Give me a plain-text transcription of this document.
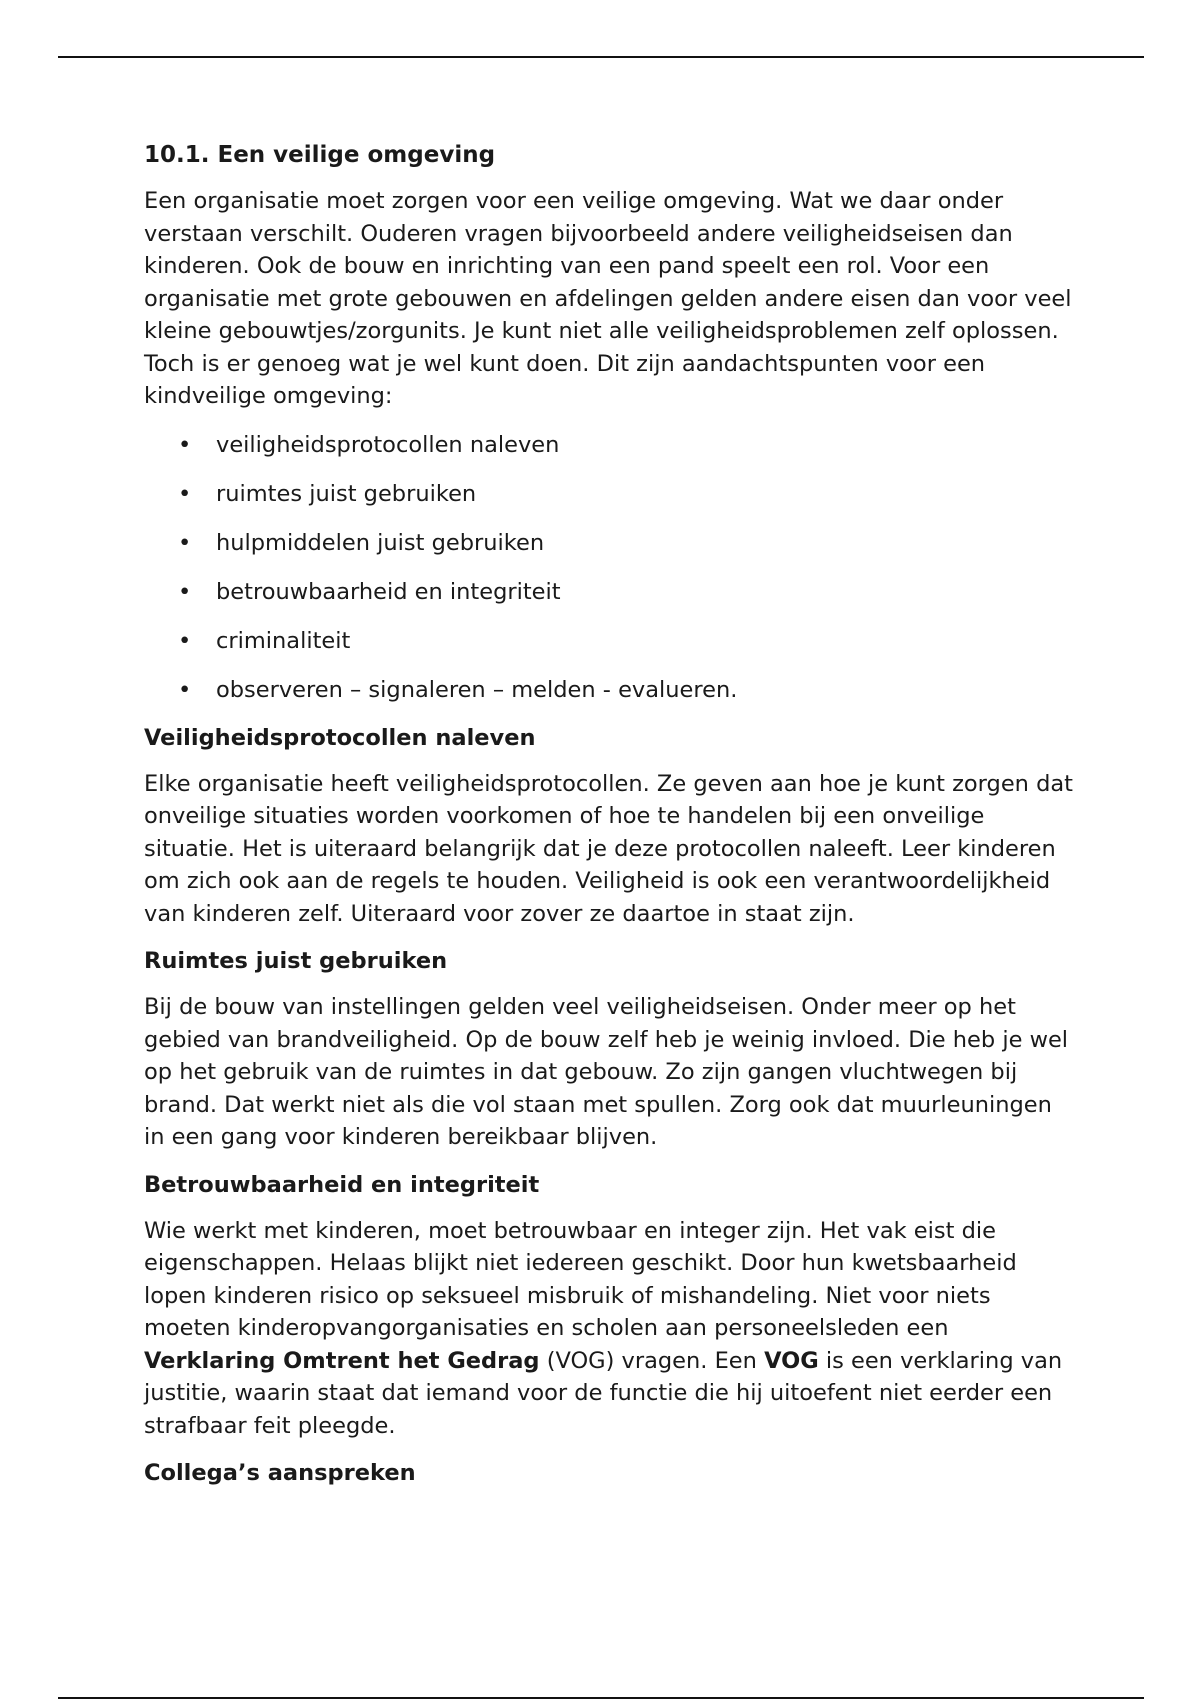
10.1. Een veilige omgeving

Een organisatie moet zorgen voor een veilige omgeving. Wat we daar onder verstaan verschilt. Ouderen vragen bijvoorbeeld andere veiligheidseisen dan kinderen. Ook de bouw en inrichting van een pand speelt een rol. Voor een organisatie met grote gebouwen en afdelingen gelden andere eisen dan voor veel kleine gebouwtjes/zorgunits. Je kunt niet alle veiligheidsproblemen zelf oplossen. Toch is er genoeg wat je wel kunt doen. Dit zijn aandachtspunten voor een kindveilige omgeving:

• veiligheidsprotocollen naleven
• ruimtes juist gebruiken
• hulpmiddelen juist gebruiken
• betrouwbaarheid en integriteit
• criminaliteit
• observeren – signaleren – melden - evalueren.
Veiligheidsprotocollen naleven

Elke organisatie heeft veiligheidsprotocollen. Ze geven aan hoe je kunt zorgen dat onveilige situaties worden voorkomen of hoe te handelen bij een onveilige situatie. Het is uiteraard belangrijk dat je deze protocollen naleeft. Leer kinderen om zich ook aan de regels te houden. Veiligheid is ook een verantwoordelijkheid van kinderen zelf. Uiteraard voor zover ze daartoe in staat zijn.

Ruimtes juist gebruiken

Bij de bouw van instellingen gelden veel veiligheidseisen. Onder meer op het gebied van brandveiligheid. Op de bouw zelf heb je weinig invloed. Die heb je wel op het gebruik van de ruimtes in dat gebouw. Zo zijn gangen vluchtwegen bij brand. Dat werkt niet als die vol staan met spullen. Zorg ook dat muurleuningen in een gang voor kinderen bereikbaar blijven.

Betrouwbaarheid en integriteit

Wie werkt met kinderen, moet betrouwbaar en integer zijn. Het vak eist die eigenschappen. Helaas blijkt niet iedereen geschikt. Door hun kwetsbaarheid lopen kinderen risico op seksueel misbruik of mishandeling. Niet voor niets moeten kinderopvangorganisaties en scholen aan personeelsleden een Verklaring Omtrent het Gedrag (VOG) vragen. Een VOG is een verklaring van justitie, waarin staat dat iemand voor de functie die hij uitoefent niet eerder een strafbaar feit pleegde.

Collega’s aanspreken
